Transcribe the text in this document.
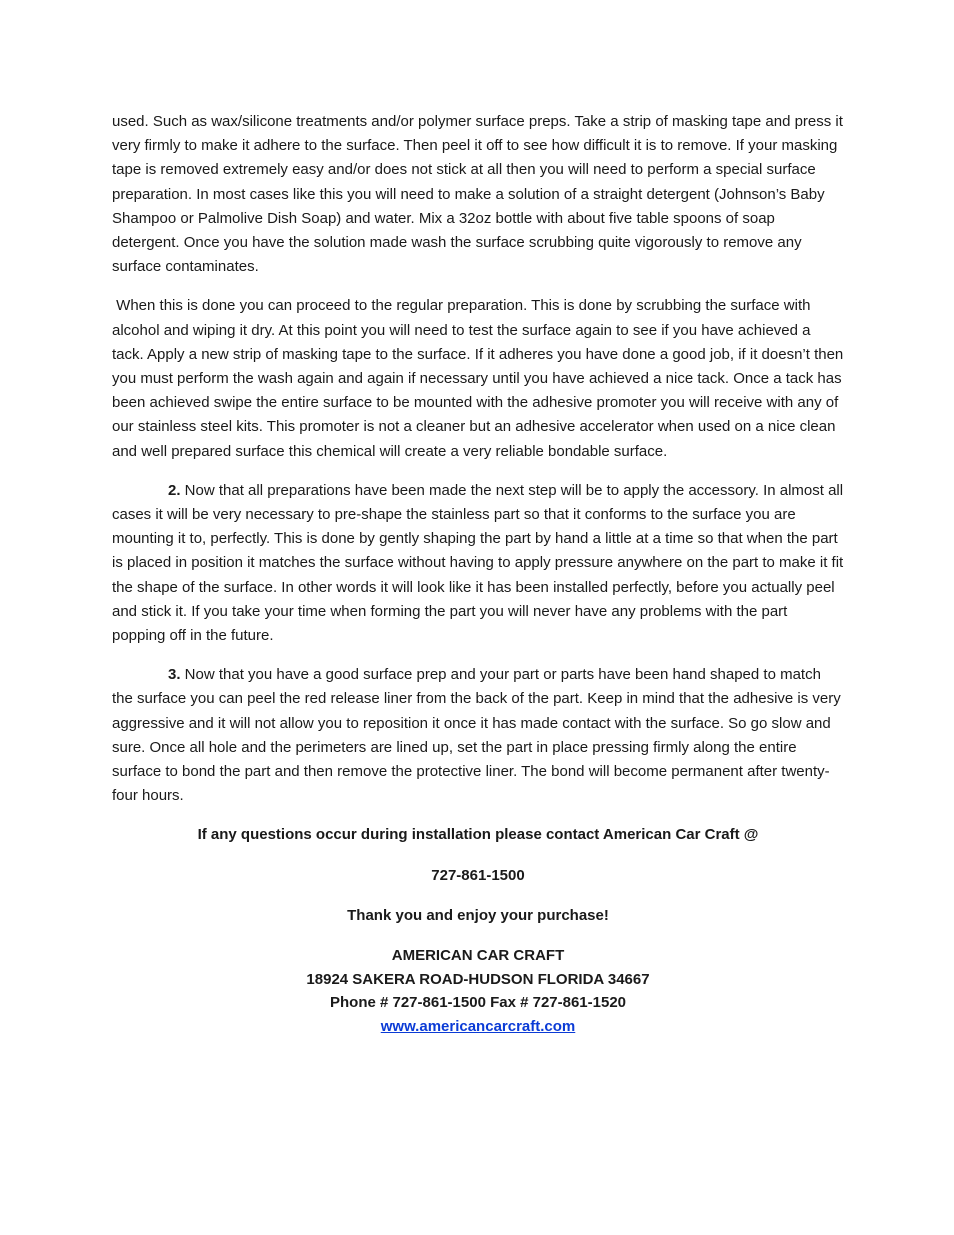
used. Such as wax/silicone treatments and/or polymer surface preps. Take a strip of masking tape and press it very firmly to make it adhere to the surface. Then peel it off to see how difficult it is to remove. If your masking tape is removed extremely easy and/or does not stick at all then you will need to perform a special surface preparation. In most cases like this you will need to make a solution of a straight detergent (Johnson’s Baby Shampoo or Palmolive Dish Soap) and water. Mix a 32oz bottle with about five table spoons of soap detergent. Once you have the solution made wash the surface scrubbing quite vigorously to remove any surface contaminates.

When this is done you can proceed to the regular preparation. This is done by scrubbing the surface with alcohol and wiping it dry. At this point you will need to test the surface again to see if you have achieved a tack. Apply a new strip of masking tape to the surface. If it adheres you have done a good job, if it doesn’t then you must perform the wash again and again if necessary until you have achieved a nice tack. Once a tack has been achieved swipe the entire surface to be mounted with the adhesive promoter you will receive with any of our stainless steel kits. This promoter is not a cleaner but an adhesive accelerator when used on a nice clean and well prepared surface this chemical will create a very reliable bondable surface.

2. Now that all preparations have been made the next step will be to apply the accessory. In almost all cases it will be very necessary to pre-shape the stainless part so that it conforms to the surface you are mounting it to, perfectly. This is done by gently shaping the part by hand a little at a time so that when the part is placed in position it matches the surface without having to apply pressure anywhere on the part to make it fit the shape of the surface. In other words it will look like it has been installed perfectly, before you actually peel and stick it. If you take your time when forming the part you will never have any problems with the part popping off in the future.

3. Now that you have a good surface prep and your part or parts have been hand shaped to match the surface you can peel the red release liner from the back of the part. Keep in mind that the adhesive is very aggressive and it will not allow you to reposition it once it has made contact with the surface. So go slow and sure. Once all hole and the perimeters are lined up, set the part in place pressing firmly along the entire surface to bond the part and then remove the protective liner. The bond will become permanent after twenty-four hours.

If any questions occur during installation please contact American Car Craft @

727-861-1500

Thank you and enjoy your purchase!

AMERICAN CAR CRAFT
18924 SAKERA ROAD-HUDSON FLORIDA 34667
Phone # 727-861-1500 Fax # 727-861-1520
www.americancarcraft.com
